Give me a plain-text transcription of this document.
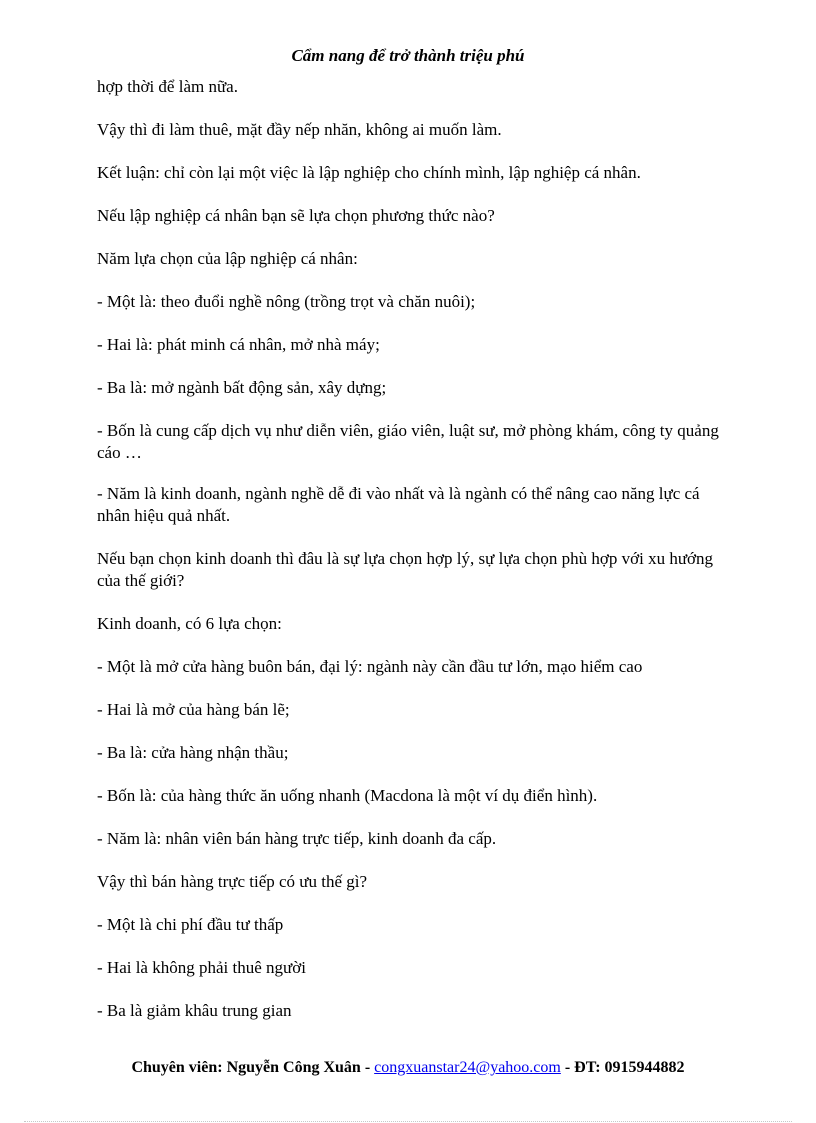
Cẩm nang để trở thành triệu phú

hợp thời để làm nữa.

Vậy thì đi làm thuê, mặt đầy nếp nhăn, không ai muốn làm.

Kết luận: chỉ còn lại một việc là lập nghiệp cho chính mình, lập nghiệp cá nhân.

Nếu lập nghiệp cá nhân bạn sẽ lựa chọn phương thức nào?

Năm lựa chọn của lập nghiệp cá nhân:

- Một là: theo đuổi nghề nông (trồng trọt và chăn nuôi);

- Hai là: phát minh cá nhân, mở nhà máy;

- Ba là: mở ngành bất động sản, xây dựng;

- Bốn là cung cấp dịch vụ như diễn viên, giáo viên, luật sư, mở phòng khám, công ty quảng cáo …

- Năm là kinh doanh, ngành nghề dễ đi vào nhất và là ngành có thể nâng cao năng lực cá nhân hiệu quả nhất.

Nếu bạn chọn kinh doanh thì đâu là sự lựa chọn hợp lý, sự lựa chọn phù hợp với xu hướng của thế giới?

Kinh doanh, có 6 lựa chọn:

- Một là mở cửa hàng buôn bán, đại lý: ngành này cần đầu tư lớn, mạo hiểm cao

- Hai là mở của hàng bán lẽ;

- Ba là: cửa hàng nhận thầu;

- Bốn là: của hàng thức ăn uống nhanh (Macdona là một ví dụ điển hình).

- Năm là: nhân viên bán hàng trực tiếp, kinh doanh đa cấp.

Vậy thì bán hàng trực tiếp có ưu thế gì?

- Một là chi phí đầu tư thấp

- Hai là không phải thuê người

- Ba là giảm khâu trung gian

Chuyên viên: Nguyễn Công Xuân - congxuanstar24@yahoo.com - ĐT: 0915944882
